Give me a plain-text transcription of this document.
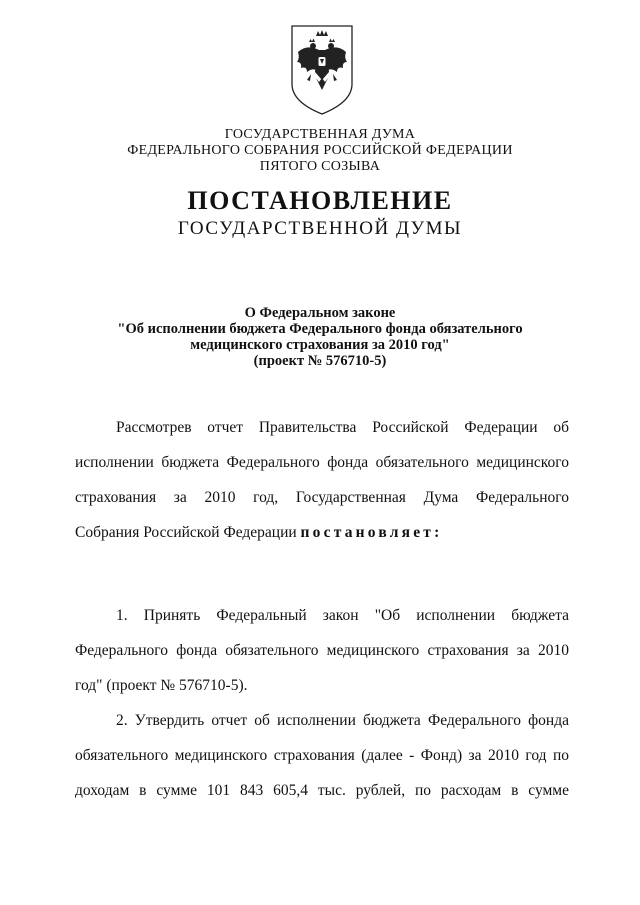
ГОСУДАРСТВЕННАЯ ДУМА
ФЕДЕРАЛЬНОГО СОБРАНИЯ РОССИЙСКОЙ ФЕДЕРАЦИИ
ПЯТОГО СОЗЫВА
ПОСТАНОВЛЕНИЕ
ГОСУДАРСТВЕННОЙ ДУМЫ
О Федеральном законе
"Об исполнении бюджета Федерального фонда обязательного
медицинского страхования за 2010 год"
(проект № 576710-5)
Рассмотрев отчет Правительства Российской Федерации об
исполнении бюджета Федерального фонда обязательного медицинского
страхования за 2010 год, Государственная Дума Федерального
Собрания Российской Федерации постановляет:
1. Принять Федеральный закон "Об исполнении бюджета
Федерального фонда обязательного медицинского страхования за 2010
год" (проект № 576710-5).
2. Утвердить отчет об исполнении бюджета Федерального фонда
обязательного медицинского страхования (далее - Фонд) за 2010 год по
доходам в сумме 101 843 605,4 тыс. рублей, по расходам в сумме
